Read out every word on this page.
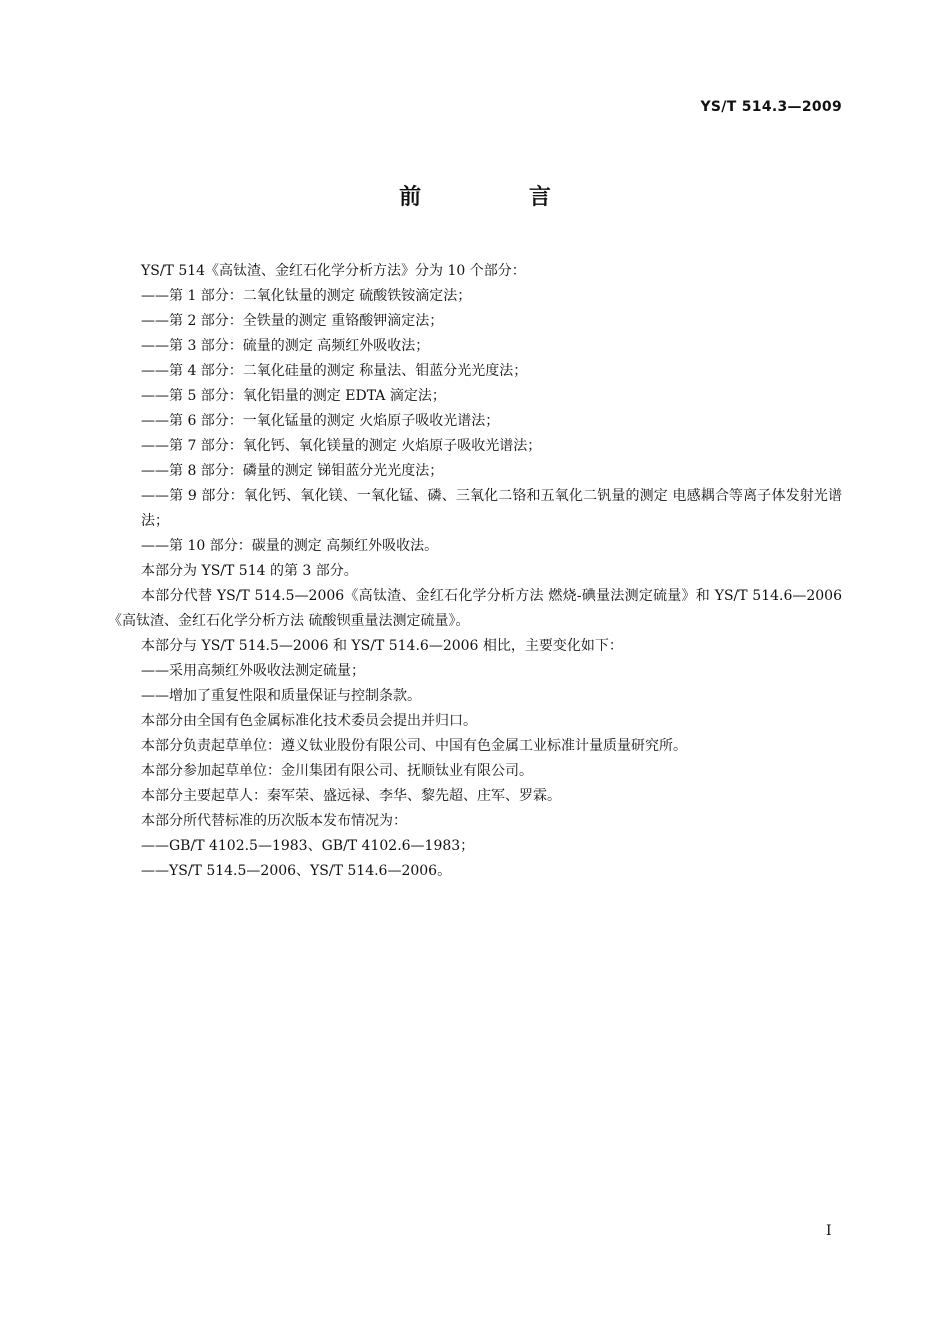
YS/T 514.3—2009
前 言
YS/T 514《高钛渣、金红石化学分析方法》分为 10 个部分：
——第 1 部分：二氧化钛量的测定 硫酸铁铵滴定法；
——第 2 部分：全铁量的测定 重铬酸钾滴定法；
——第 3 部分：硫量的测定 高频红外吸收法；
——第 4 部分：二氧化硅量的测定 称量法、钼蓝分光光度法；
——第 5 部分：氧化铝量的测定 EDTA 滴定法；
——第 6 部分：一氧化锰量的测定 火焰原子吸收光谱法；
——第 7 部分：氧化钙、氧化镁量的测定 火焰原子吸收光谱法；
——第 8 部分：磷量的测定 锑钼蓝分光光度法；
——第 9 部分：氧化钙、氧化镁、一氧化锰、磷、三氧化二铬和五氧化二钒量的测定 电感耦合等离子体发射光谱法；
——第 10 部分：碳量的测定 高频红外吸收法。
本部分为 YS/T 514 的第 3 部分。
本部分代替 YS/T 514.5—2006《高钛渣、金红石化学分析方法 燃烧-碘量法测定硫量》和 YS/T 514.6—2006《高钛渣、金红石化学分析方法 硫酸钡重量法测定硫量》。
本部分与 YS/T 514.5—2006 和 YS/T 514.6—2006 相比，主要变化如下：
——采用高频红外吸收法测定硫量；
——增加了重复性限和质量保证与控制条款。
本部分由全国有色金属标准化技术委员会提出并归口。
本部分负责起草单位：遵义钛业股份有限公司、中国有色金属工业标准计量质量研究所。
本部分参加起草单位：金川集团有限公司、抚顺钛业有限公司。
本部分主要起草人：秦军荣、盛远禄、李华、黎先超、庄军、罗霖。
本部分所代替标准的历次版本发布情况为：
——GB/T 4102.5—1983、GB/T 4102.6—1983；
——YS/T 514.5—2006、YS/T 514.6—2006。
I
